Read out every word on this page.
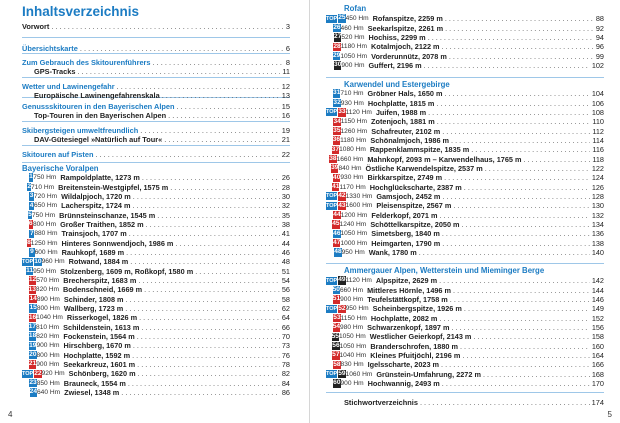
Inhaltsverzeichnis
Vorwort . . .	3
Übersichtskarte . . .	6
Zum Gebrauch des Skitourenführers . . .	8
GPS-Tracks . . .	11
Wetter und Lawinengefahr . . .	12
Europäische Lawinengefahrenskala . . .	13
Genussskitouren in den Bayerischen Alpen . . .	15
Top-Touren in den Bayerischen Alpen . . .	16
Skibergsteigen umweltfreundlich . . .	19
DAV-Gütesiegel »Natürlich auf Tour« . . .	21
Skitouren auf Pisten . . .	22
Bayerische Voralpen
1 750 Hm Rampoldplatte, 1273 m . . .	26
2 710 Hm Breitenstein-Westgipfel, 1575 m . . .	28
3 720 Hm Wildalpjoch, 1720 m . . .	30
4 650 Hm Lacherspitz, 1724 m . . .	32
5 750 Hm Brünnsteinschanze, 1545 m . . .	35
6 800 Hm Großer Traithen, 1852 m . . .	38
7 880 Hm Trainsjoch, 1707 m . . .	41
8 1250 Hm Hinteres Sonnwendjoch, 1986 m . . .	44
9 600 Hm Rauhkopf, 1689 m . . .	46
TOP 10 960 Hm Rotwand, 1884 m . . .	48
11 950 Hm Stolzenberg, 1609 m, Roßkopf, 1580 m . . .	51
12 570 Hm Brecherspitz, 1683 m . . .	54
13 820 Hm Bodenschneid, 1669 m . . .	56
14 890 Hm Schinder, 1808 m . . .	58
15 800 Hm Wallberg, 1723 m . . .	62
16 1040 Hm Risserkogel, 1826 m . . .	64
17 810 Hm Schildenstein, 1613 m . . .	66
18 820 Hm Fockenstein, 1564 m . . .	70
19 900 Hm Hirschberg, 1670 m . . .	73
20 800 Hm Hochplatte, 1592 m . . .	76
21 900 Hm Seekarkreuz, 1601 m . . .	78
TOP 22 920 Hm Schönberg, 1620 m . . .	82
23 850 Hm Brauneck, 1554 m . . .	84
24 640 Hm Zwiesel, 1348 m . . .	86
4
Rofan
TOP 25 450 Hm Rofanspitze, 2259 m . . .	88
26 460 Hm Seekarlspitze, 2261 m . . .	92
27 520 Hm Hochiss, 2299 m . . .	94
28 1180 Hm Kotalmjoch, 2122 m . . .	96
29 1050 Hm Vorderunnütz, 2078 m . . .	99
30 900 Hm Guffert, 2196 m . . .	102
Karwendel und Estergebirge
31 710 Hm Gröbner Hals, 1650 m . . .	104
32 930 Hm Hochplatte, 1815 m . . .	106
TOP 33 1120 Hm Juifen, 1988 m . . .	108
34 1150 Hm Zotenjoch, 1881 m . . .	110
35 1260 Hm Schafreuter, 2102 m . . .	112
36 1180 Hm Schönalmjoch, 1986 m . . .	114
37 1080 Hm Rappenklammspitze, 1835 m . . .	116
38 1660 Hm Mahnkopf, 2093 m – Karwendelhaus, 1765 m . . .	118
39 840 Hm Östliche Karwendelspitze, 2537 m . . .	122
40 930 Hm Birkkarspitze, 2749 m . . .	124
41 1170 Hm Hochglückscharte, 2387 m . . .	126
TOP 42 1330 Hm Gamsjoch, 2452 m . . .	128
TOP 43 1600 Hm Pleisenspitze, 2567 m . . .	130
44 1200 Hm Felderkopf, 2071 m . . .	132
45 1240 Hm Schöttelkarspitze, 2050 m . . .	134
46 1050 Hm Simetsberg, 1840 m . . .	136
47 1000 Hm Heimgarten, 1790 m . . .	138
48 950 Hm Wank, 1780 m . . .	140
Ammergauer Alpen, Wetterstein und Mieminger Berge
TOP 49 1120 Hm Alpspitze, 2629 m . . .	142
50 660 Hm Mittleres Hörnle, 1496 m . . .	144
51 900 Hm Teufelstättkopf, 1758 m . . .	146
TOP 52 950 Hm Scheinbergspitze, 1926 m . . .	149
53 1150 Hm Hochplatte, 2082 m . . .	152
54 980 Hm Schwarzenkopf, 1897 m . . .	156
55 1050 Hm Westlicher Geierkopf, 2143 m . . .	158
56 1050 Hm Branderschrofen, 1880 m . . .	160
57 1040 Hm Kleines Pfuitjöchl, 2196 m . . .	164
58 830 Hm Igelsscharte, 2023 m . . .	166
TOP 59 1060 Hm Grünstein-Umfahrung, 2272 m . . .	168
60 900 Hm Hochwannig, 2493 m . . .	170
Stichwortverzeichnis . . .	174
5
